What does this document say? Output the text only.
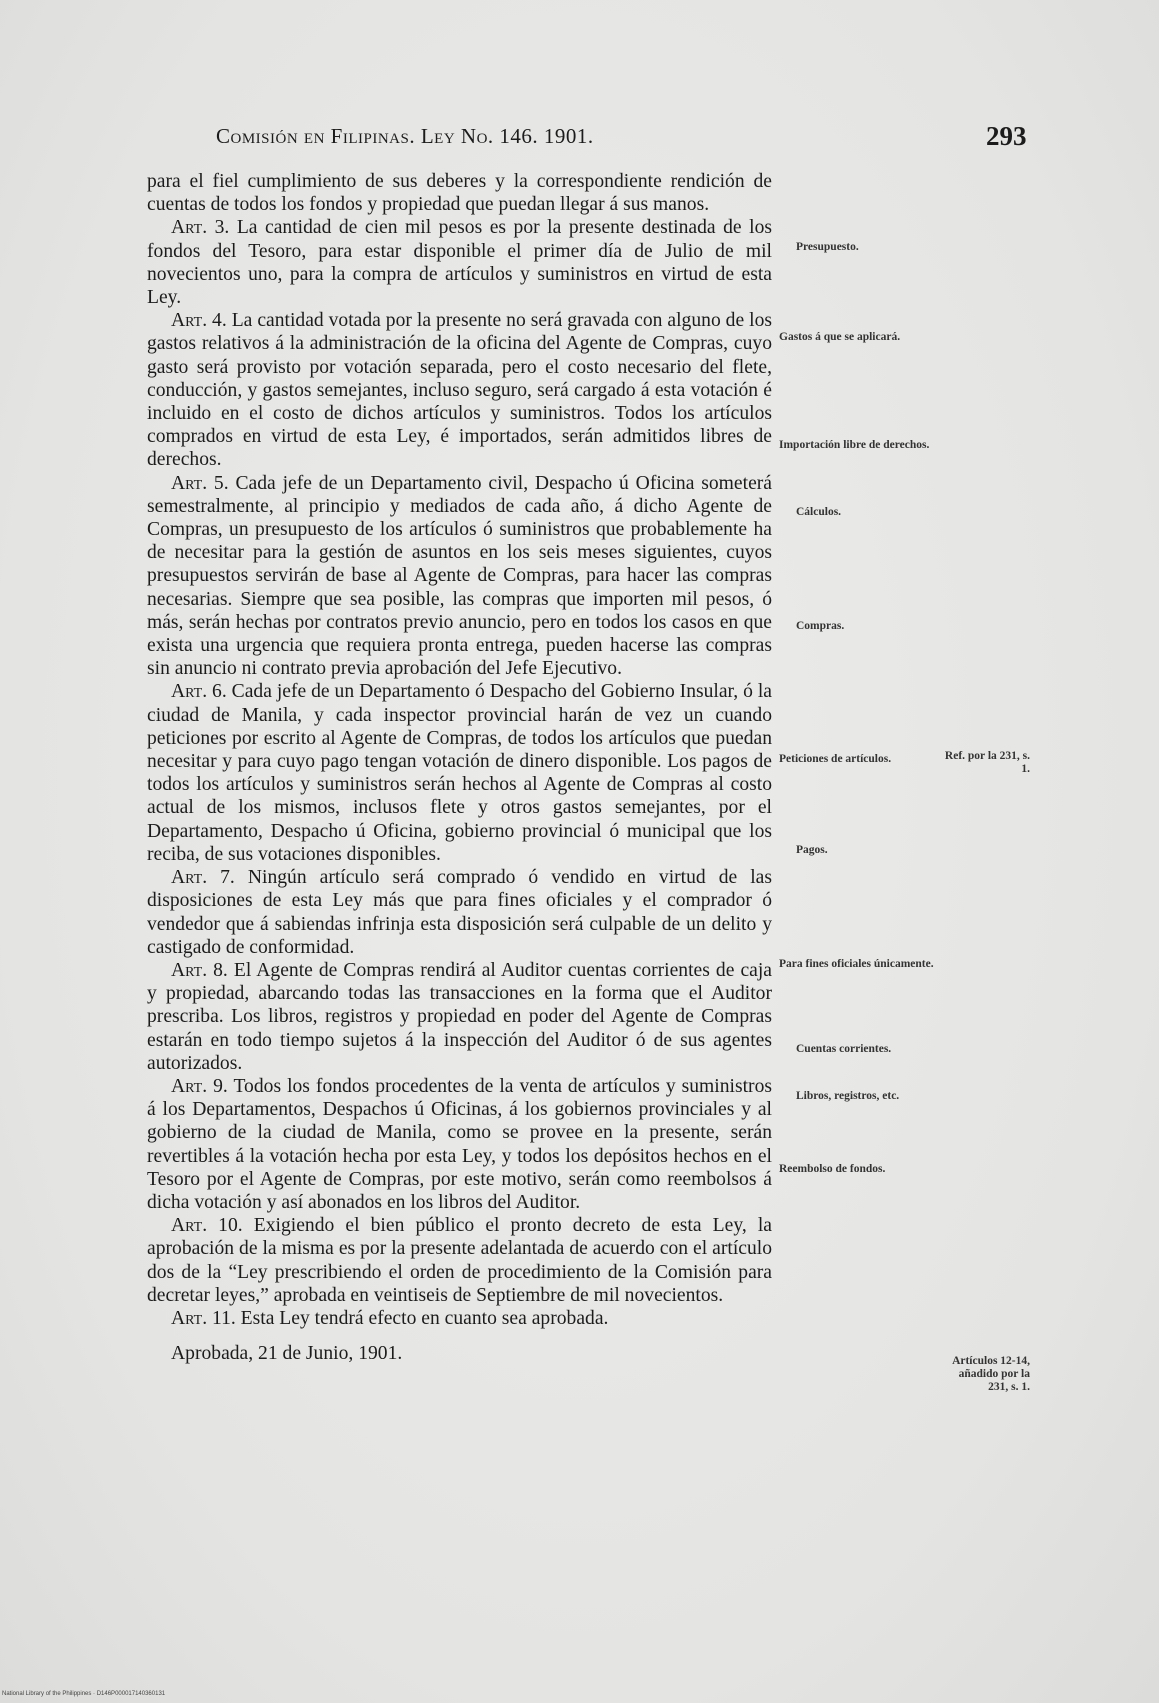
Comisión en Filipinas. Ley No. 146. 1901.	293

para el fiel cumplimiento de sus deberes y la correspondiente rendición de cuentas de todos los fondos y propiedad que puedan llegar á sus manos.

Art. 3. La cantidad de cien mil pesos es por la presente destinada de los fondos del Tesoro, para estar disponible el primer día de Julio de mil novecientos uno, para la compra de artículos y suministros en virtud de esta Ley.

Art. 4. La cantidad votada por la presente no será gravada con alguno de los gastos relativos á la administración de la oficina del Agente de Compras, cuyo gasto será provisto por votación separada, pero el costo necesario del flete, conducción, y gastos semejantes, incluso seguro, será cargado á esta votación é incluido en el costo de dichos artículos y suministros. Todos los artículos comprados en virtud de esta Ley, é importados, serán admitidos libres de derechos.

Art. 5. Cada jefe de un Departamento civil, Despacho ú Oficina someterá semestralmente, al principio y mediados de cada año, á dicho Agente de Compras, un presupuesto de los artículos ó suministros que probablemente ha de necesitar para la gestión de asuntos en los seis meses siguientes, cuyos presupuestos servirán de base al Agente de Compras, para hacer las compras necesarias. Siempre que sea posible, las compras que importen mil pesos, ó más, serán hechas por contratos previo anuncio, pero en todos los casos en que exista una urgencia que requiera pronta entrega, pueden hacerse las compras sin anuncio ni contrato previa aprobación del Jefe Ejecutivo.

Art. 6. Cada jefe de un Departamento ó Despacho del Gobierno Insular, ó la ciudad de Manila, y cada inspector provincial harán de vez un cuando peticiones por escrito al Agente de Compras, de todos los artículos que puedan necesitar y para cuyo pago tengan votación de dinero disponible. Los pagos de todos los artículos y suministros serán hechos al Agente de Compras al costo actual de los mismos, inclusos flete y otros gastos semejantes, por el Departamento, Despacho ú Oficina, gobierno provincial ó municipal que los reciba, de sus votaciones disponibles.

Art. 7. Ningún artículo será comprado ó vendido en virtud de las disposiciones de esta Ley más que para fines oficiales y el comprador ó vendedor que á sabiendas infrinja esta disposición será culpable de un delito y castigado de conformidad.

Art. 8. El Agente de Compras rendirá al Auditor cuentas corrientes de caja y propiedad, abarcando todas las transacciones en la forma que el Auditor prescriba. Los libros, registros y propiedad en poder del Agente de Compras estarán en todo tiempo sujetos á la inspección del Auditor ó de sus agentes autorizados.

Art. 9. Todos los fondos procedentes de la venta de artículos y suministros á los Departamentos, Despachos ú Oficinas, á los gobiernos provinciales y al gobierno de la ciudad de Manila, como se provee en la presente, serán revertibles á la votación hecha por esta Ley, y todos los depósitos hechos en el Tesoro por el Agente de Compras, por este motivo, serán como reembolsos á dicha votación y así abonados en los libros del Auditor.

Art. 10. Exigiendo el bien público el pronto decreto de esta Ley, la aprobación de la misma es por la presente adelantada de acuerdo con el artículo dos de la “Ley prescribiendo el orden de procedimiento de la Comisión para decretar leyes,” aprobada en veintiseis de Septiembre de mil novecientos.

Art. 11. Esta Ley tendrá efecto en cuanto sea aprobada.

Aprobada, 21 de Junio, 1901.

Presupuesto.
Gastos á que se aplicará.
Importación libre de derechos.
Cálculos.
Compras.
Peticiones de artículos.
Pagos.
Para fines oficiales únicamente.
Cuentas corrientes.
Libros, registros, etc.
Reembolso de fondos.
Ref. por la 231, s. 1.
Artículos 12-14, añadido por la 231, s. 1.
National Library of the Philippines · D146P000017140360131
